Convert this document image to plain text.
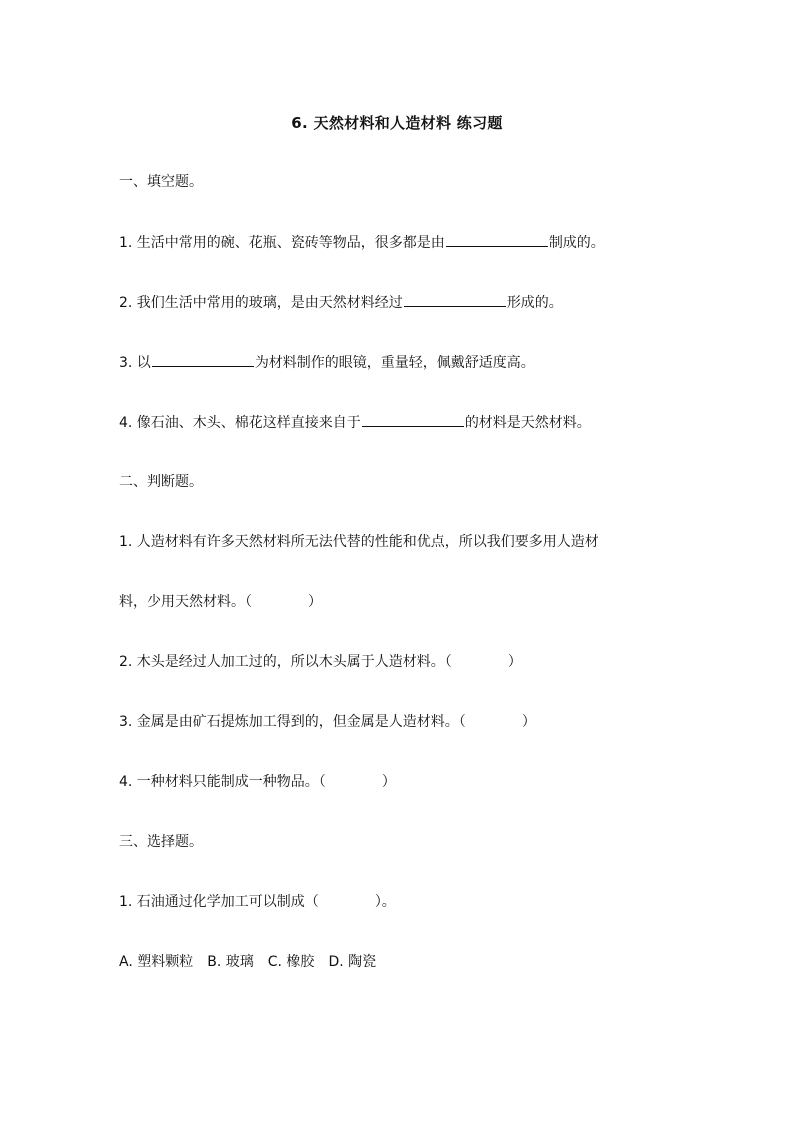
6. 天然材料和人造材料 练习题
一、填空题。
1. 生活中常用的碗、花瓶、瓷砖等物品，很多都是由	制成的。
2. 我们生活中常用的玻璃，是由天然材料经过	形成的。
3. 以	为材料制作的眼镜，重量轻，佩戴舒适度高。
4. 像石油、木头、棉花这样直接来自于	的材料是天然材料。
二、判断题。
1. 人造材料有许多天然材料所无法代替的性能和优点，所以我们要多用人造材
料，少用天然材料。（	）
2. 木头是经过人加工过的，所以木头属于人造材料。（	）
3. 金属是由矿石提炼加工得到的，但金属是人造材料。（	）
4. 一种材料只能制成一种物品。（	）
三、选择题。
1. 石油通过化学加工可以制成（	）。
A. 塑料颗粒 B. 玻璃 C. 橡胶 D. 陶瓷
